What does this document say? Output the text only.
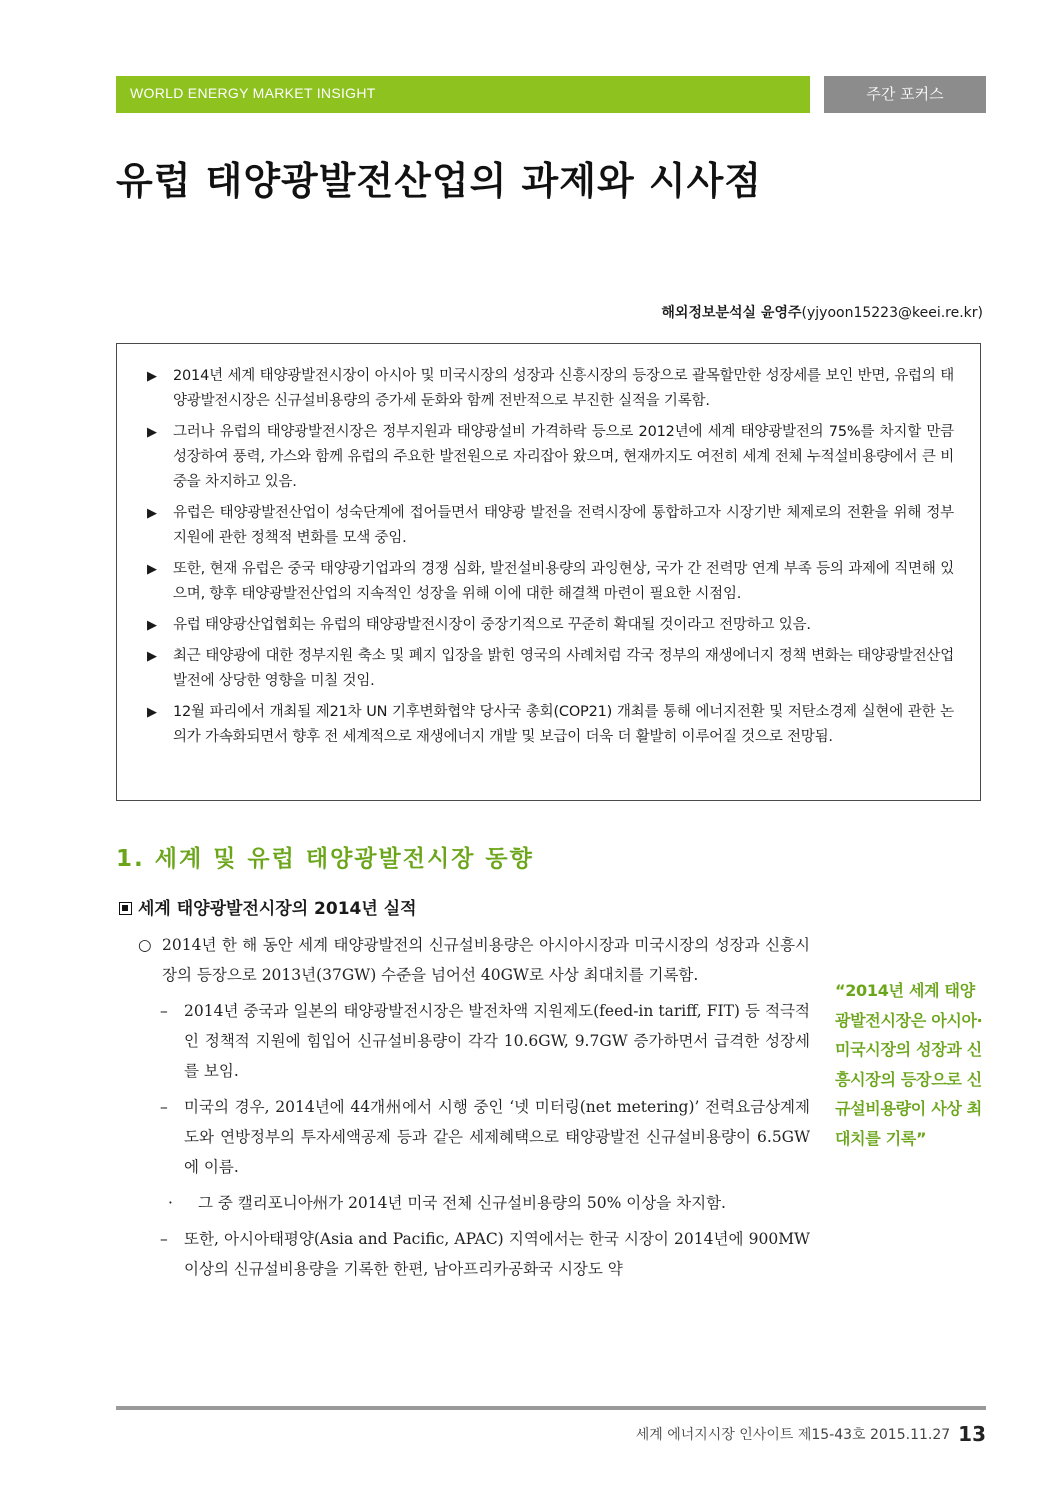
WORLD ENERGY MARKET INSIGHT	주간 포커스
유럽 태양광발전산업의 과제와 시사점
해외정보분석실 윤영주(yjyoon15223@keei.re.kr)
▶ 2014년 세계 태양광발전시장이 아시아 및 미국시장의 성장과 신흥시장의 등장으로 괄목할만한 성장세를 보인 반면, 유럽의 태양광발전시장은 신규설비용량의 증가세 둔화와 함께 전반적으로 부진한 실적을 기록함.
▶ 그러나 유럽의 태양광발전시장은 정부지원과 태양광설비 가격하락 등으로 2012년에 세계 태양광발전의 75%를 차지할 만큼 성장하여 풍력, 가스와 함께 유럽의 주요한 발전원으로 자리잡아 왔으며, 현재까지도 여전히 세계 전체 누적설비용량에서 큰 비중을 차지하고 있음.
▶ 유럽은 태양광발전산업이 성숙단계에 접어들면서 태양광 발전을 전력시장에 통합하고자 시장기반 체제로의 전환을 위해 정부지원에 관한 정책적 변화를 모색 중임.
▶ 또한, 현재 유럽은 중국 태양광기업과의 경쟁 심화, 발전설비용량의 과잉현상, 국가 간 전력망 연계 부족 등의 과제에 직면해 있으며, 향후 태양광발전산업의 지속적인 성장을 위해 이에 대한 해결책 마련이 필요한 시점임.
▶ 유럽 태양광산업협회는 유럽의 태양광발전시장이 중장기적으로 꾸준히 확대될 것이라고 전망하고 있음.
▶ 최근 태양광에 대한 정부지원 축소 및 폐지 입장을 밝힌 영국의 사례처럼 각국 정부의 재생에너지 정책 변화는 태양광발전산업 발전에 상당한 영향을 미칠 것임.
▶ 12월 파리에서 개최될 제21차 UN 기후변화협약 당사국 총회(COP21) 개최를 통해 에너지전환 및 저탄소경제 실현에 관한 논의가 가속화되면서 향후 전 세계적으로 재생에너지 개발 및 보급이 더욱 더 활발히 이루어질 것으로 전망됨.
1. 세계 및 유럽 태양광발전시장 동향
세계 태양광발전시장의 2014년 실적
○ 2014년 한 해 동안 세계 태양광발전의 신규설비용량은 아시아시장과 미국시장의 성장과 신흥시장의 등장으로 2013년(37GW) 수준을 넘어선 40GW로 사상 최대치를 기록함.
– 2014년 중국과 일본의 태양광발전시장은 발전차액 지원제도(feed-in tariff, FIT) 등 적극적인 정책적 지원에 힘입어 신규설비용량이 각각 10.6GW, 9.7GW 증가하면서 급격한 성장세를 보임.
– 미국의 경우, 2014년에 44개州에서 시행 중인 ‘넷 미터링(net metering)’ 전력요금상계제도와 연방정부의 투자세액공제 등과 같은 세제혜택으로 태양광발전 신규설비용량이 6.5GW에 이름.
· 그 중 캘리포니아州가 2014년 미국 전체 신규설비용량의 50% 이상을 차지함.
– 또한, 아시아태평양(Asia and Pacific, APAC) 지역에서는 한국 시장이 2014년에 900MW 이상의 신규설비용량을 기록한 한편, 남아프리카공화국 시장도 약
“2014년 세계 태양광발전시장은 아시아·미국시장의 성장과 신흥시장의 등장으로 신규설비용량이 사상 최대치를 기록”
세계 에너지시장 인사이트 제15-43호 2015.11.27 13
